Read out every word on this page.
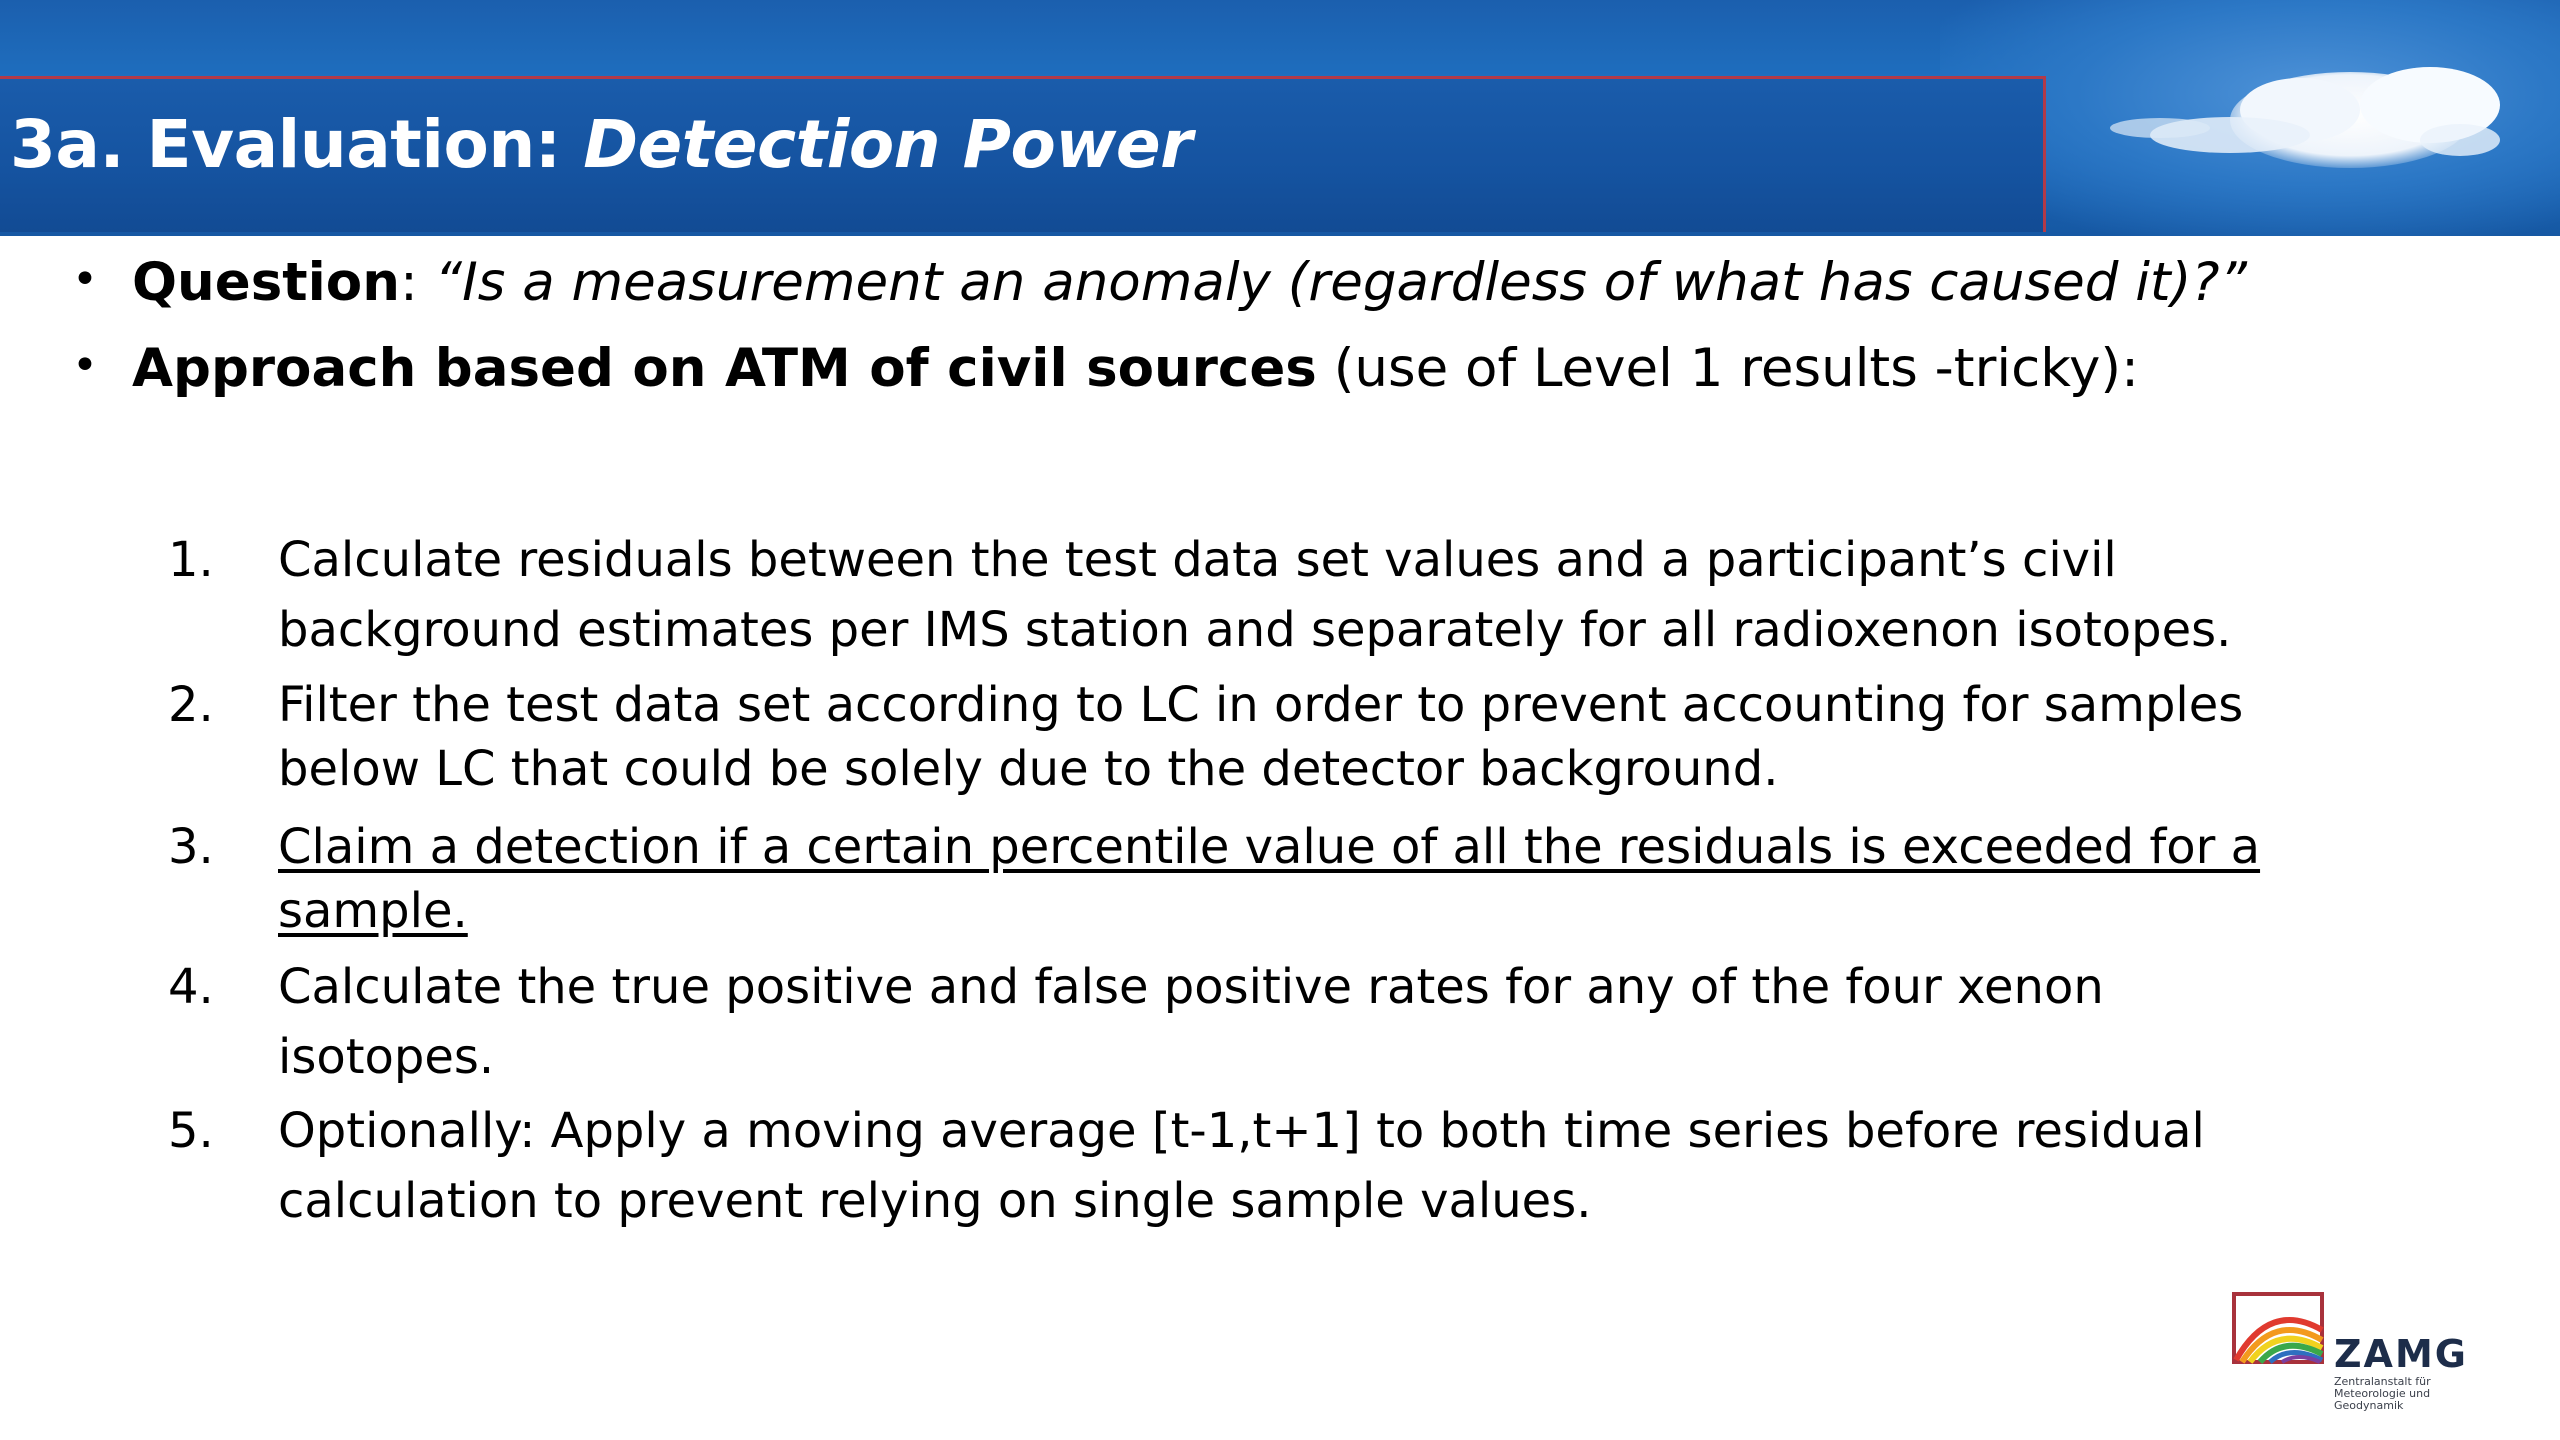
3a. Evaluation: Detection Power
• Question: “Is a measurement an anomaly (regardless of what has caused it)?”
• Approach based on ATM of civil sources (use of Level 1 results -tricky):
1.	Calculate residuals between the test data set values and a participant’s civil
background estimates per IMS station and separately for all radioxenon isotopes.
2.	Filter the test data set according to LC in order to prevent accounting for samples
below LC that could be solely due to the detector background.
3.	Claim a detection if a certain percentile value of all the residuals is exceeded for a
sample.
4.	Calculate the true positive and false positive rates for any of the four xenon
isotopes.
5.	Optionally: Apply a moving average [t-1,t+1] to both time series before residual
calculation to prevent relying on single sample values.
ZAMG
Zentralanstalt für
Meteorologie und
Geodynamik
